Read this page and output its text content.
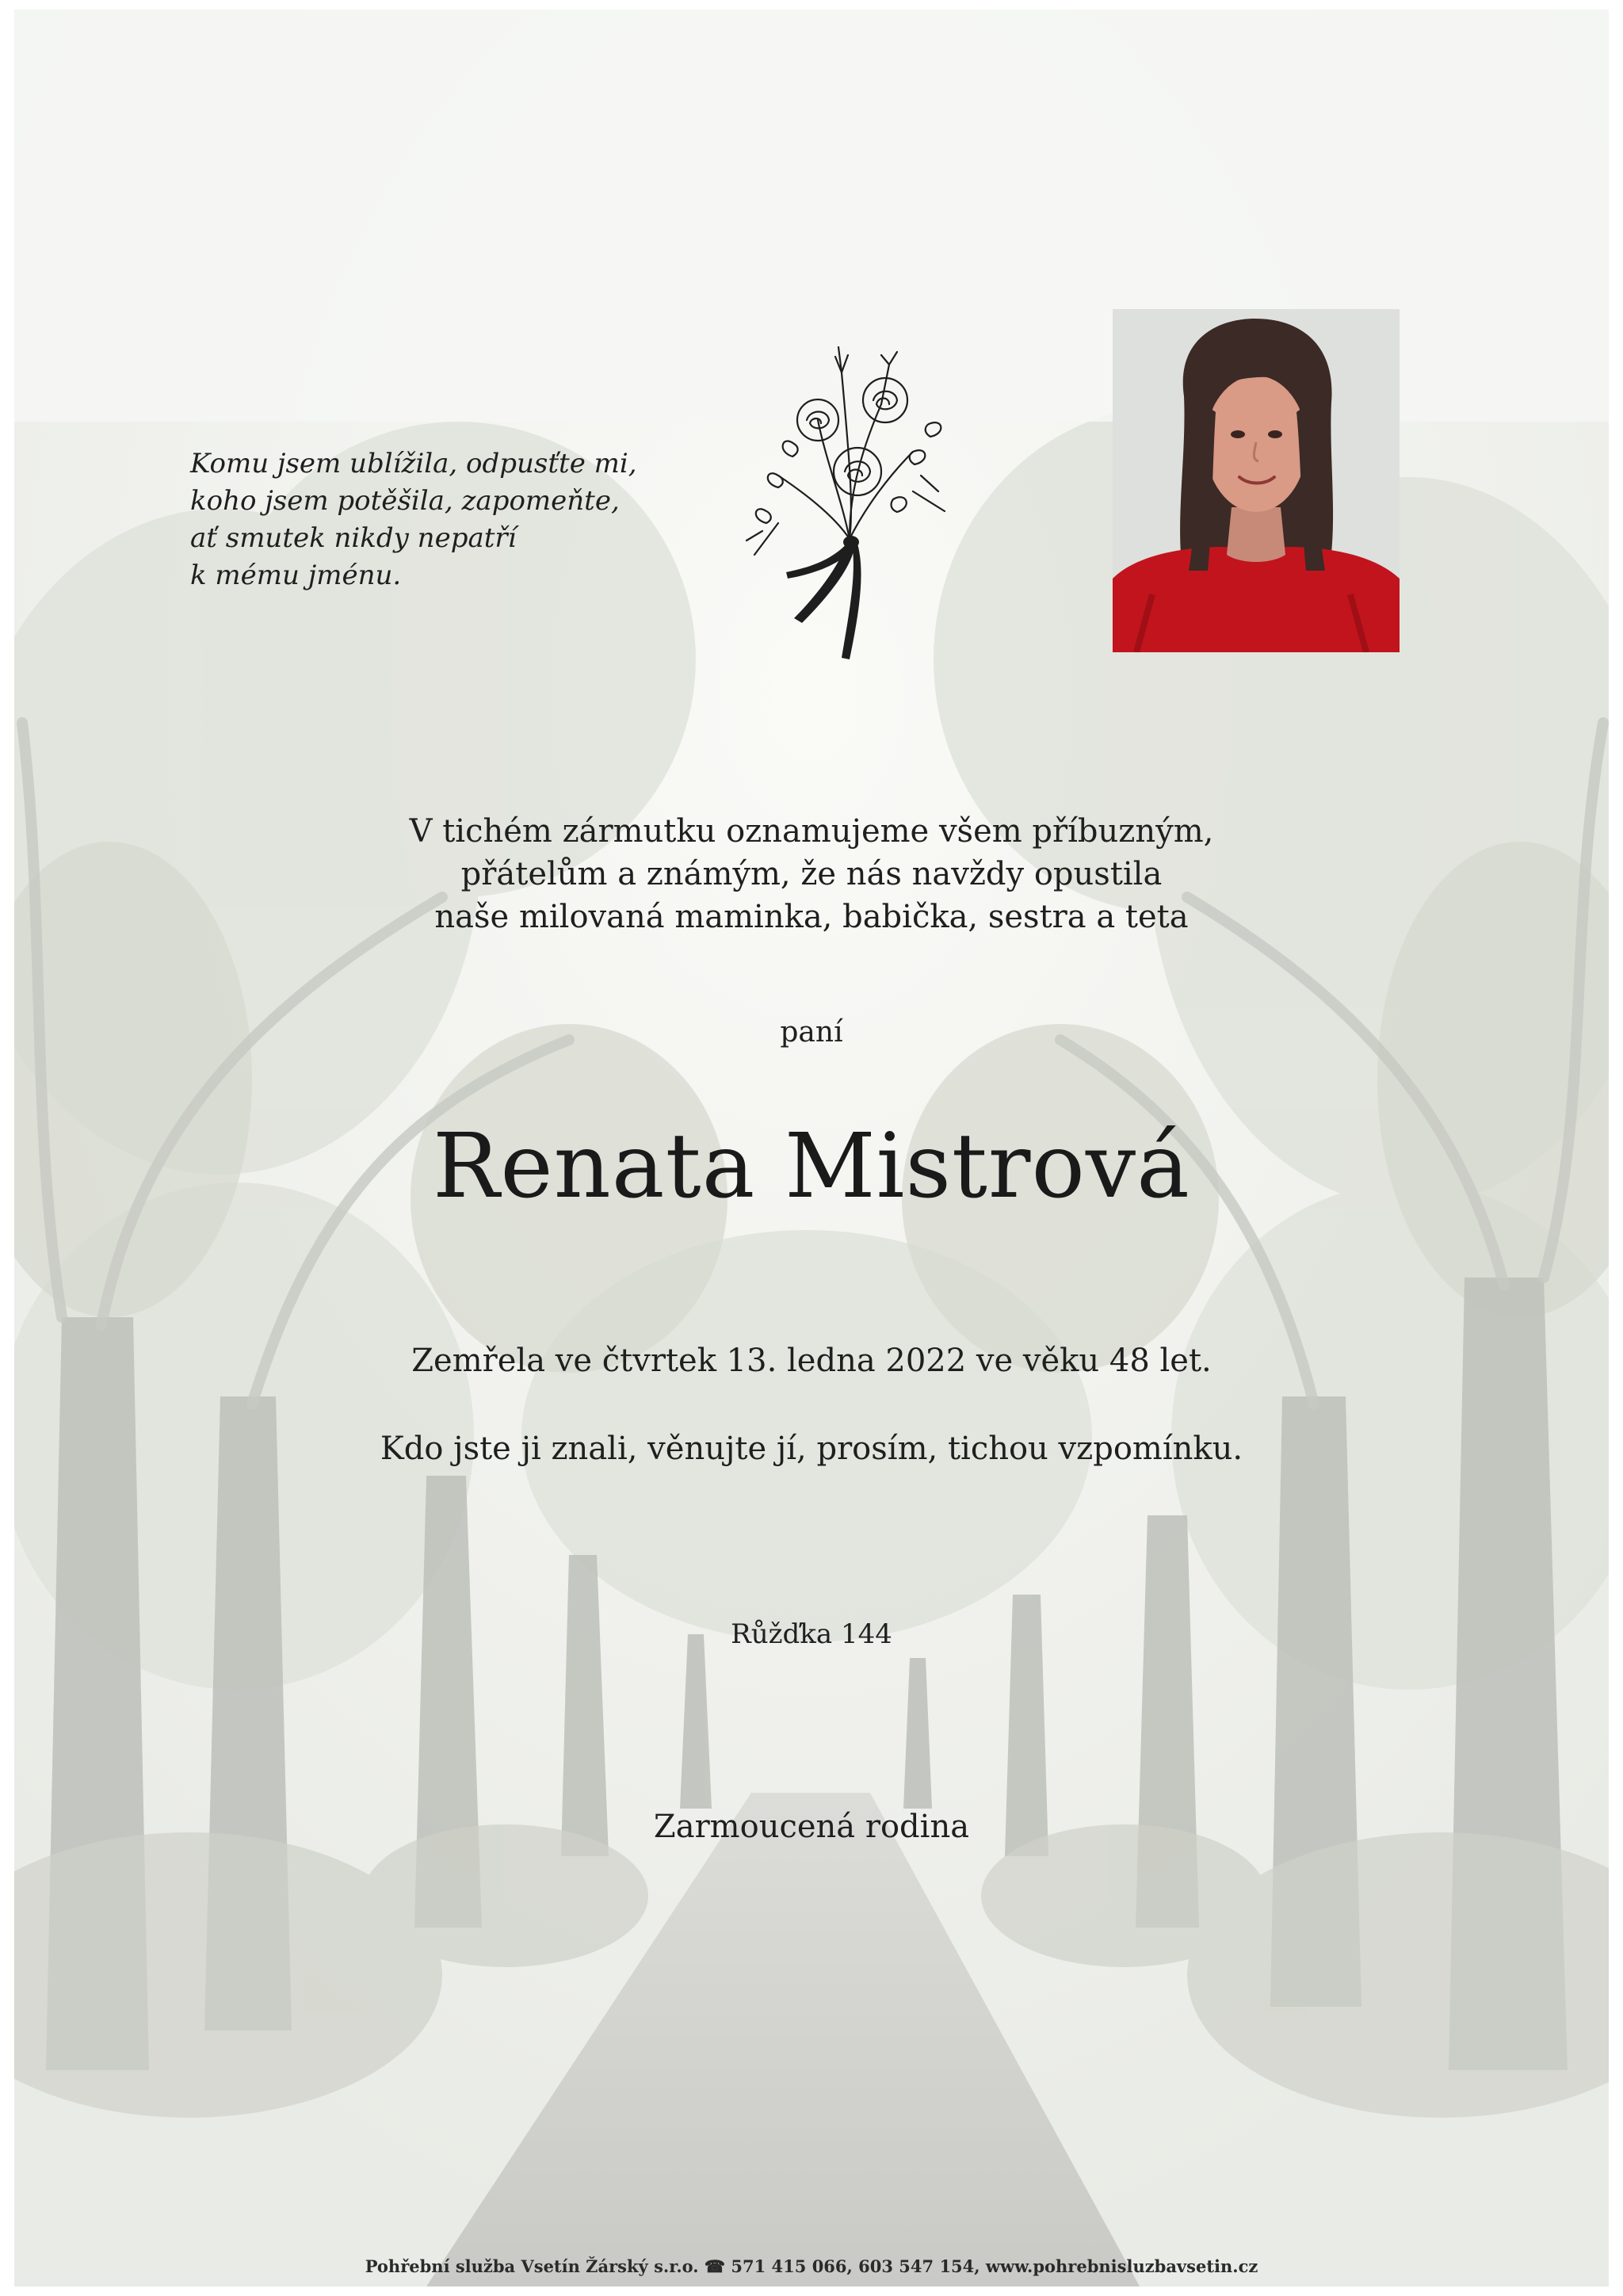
Komu jsem ublížila, odpusťte mi,
koho jsem potěšila, zapomeňte,
ať smutek nikdy nepatří
k mému jménu.
V tichém zármutku oznamujeme všem příbuzným,
přátelům a známým, že nás navždy opustila
naše milovaná maminka, babička, sestra a teta
paní
Renata Mistrová
Zemřela ve čtvrtek 13. ledna 2022 ve věku 48 let.
Kdo jste ji znali, věnujte jí, prosím, tichou vzpomínku.
Růžďka 144
Zarmoucená rodina
Pohřební služba Vsetín Žárský s.r.o. ☎ 571 415 066, 603 547 154, www.pohrebnisluzbavsetin.cz
